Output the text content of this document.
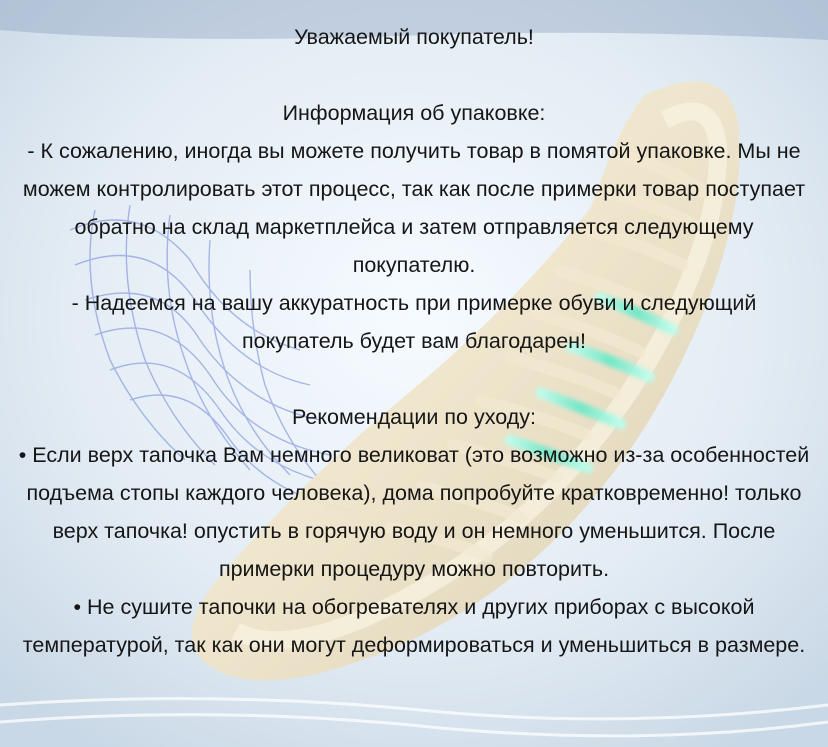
Уважаемый покупатель!

Информация об упаковке:

- К сожалению, иногда вы можете получить товар в помятой упаковке. Мы не можем контролировать этот процесс, так как после примерки товар поступает обратно на склад маркетплейса и затем отправляется следующему покупателю.

- Надеемся на вашу аккуратность при примерке обуви и следующий покупатель будет вам благодарен!

Рекомендации по уходу:

• Если верх тапочка Вам немного великоват (это возможно из-за особенностей подъема стопы каждого человека), дома попробуйте кратковременно! только верх тапочка! опустить в горячую воду и он немного уменьшится. После примерки процедуру можно повторить.

• Не сушите тапочки на обогревателях и других приборах с высокой температурой, так как они могут деформироваться и уменьшиться в размере.
